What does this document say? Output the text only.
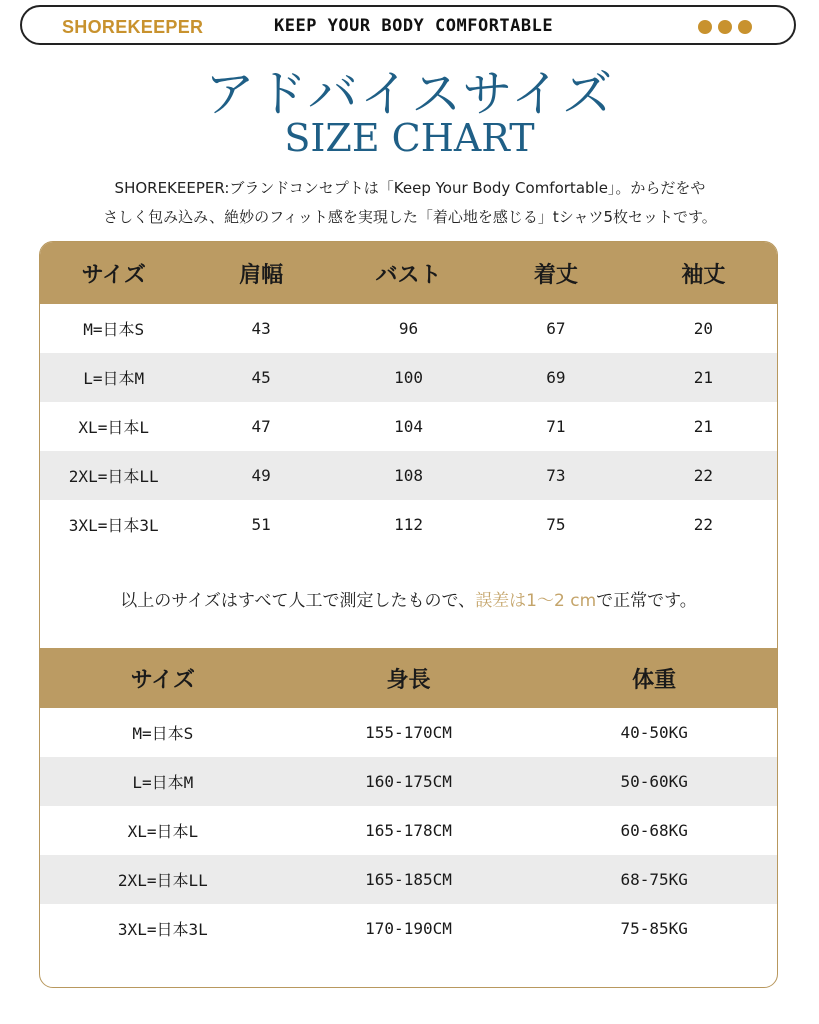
SHOREKEEPER	KEEP YOUR BODY COMFORTABLE
アドバイスサイズ
SIZE CHART
SHOREKEEPER:ブランドコンセプトは「Keep Your Body Comfortable」。からだをや
さしく包み込み、絶妙のフィット感を実現した「着心地を感じる」tシャツ5枚セットです。
サイズ	肩幅	バスト	着丈	袖丈
M=日本S	43	96	67	20
L=日本M	45	100	69	21
XL=日本L	47	104	71	21
2XL=日本LL	49	108	73	22
3XL=日本3L	51	112	75	22
以上のサイズはすべて人工で測定したもので、誤差は1～2 cmで正常です。
サイズ	身長	体重
M=日本S	155-170CM	40-50KG
L=日本M	160-175CM	50-60KG
XL=日本L	165-178CM	60-68KG
2XL=日本LL	165-185CM	68-75KG
3XL=日本3L	170-190CM	75-85KG
